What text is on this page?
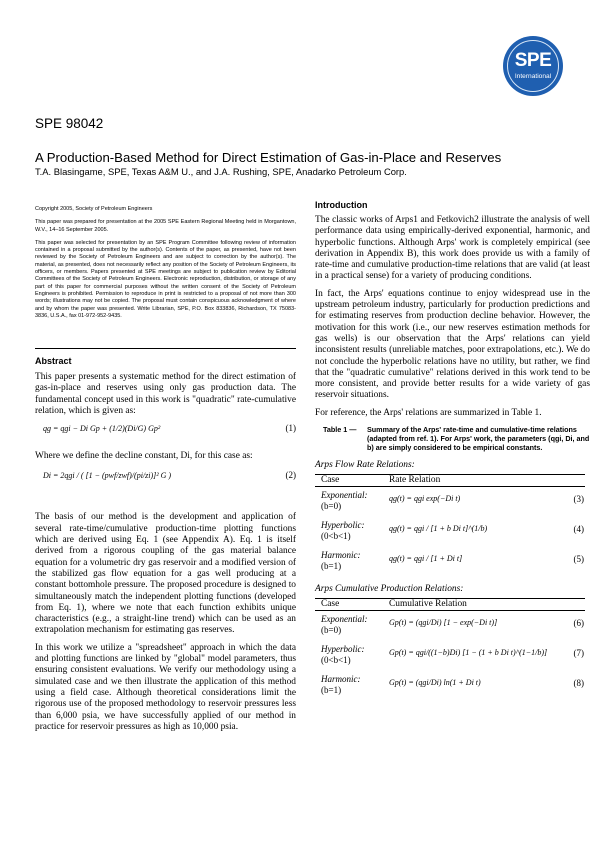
SPE
International
SPE 98042
A Production-Based Method for Direct Estimation of Gas-in-Place and Reserves
T.A. Blasingame, SPE, Texas A&M U., and J.A. Rushing, SPE, Anadarko Petroleum Corp.

Copyright 2005, Society of Petroleum Engineers

This paper was prepared for presentation at the 2005 SPE Eastern Regional Meeting held in Morgantown, W.V., 14–16 September 2005.

This paper was selected for presentation by an SPE Program Committee following review of information contained in a proposal submitted by the author(s). Contents of the paper, as presented, have not been reviewed by the Society of Petroleum Engineers and are subject to correction by the author(s). The material, as presented, does not necessarily reflect any position of the Society of Petroleum Engineers, its officers, or members. Papers presented at SPE meetings are subject to publication review by Editorial Committees of the Society of Petroleum Engineers. Electronic reproduction, distribution, or storage of any part of this paper for commercial purposes without the written consent of the Society of Petroleum Engineers is prohibited. Permission to reproduce in print is restricted to a proposal of not more than 300 words; illustrations may not be copied. The proposal must contain conspicuous acknowledgment of where and by whom the paper was presented. Write Librarian, SPE, P.O. Box 833836, Richardson, TX 75083-3836, U.S.A., fax 01-972-952-9435.

Abstract

This paper presents a systematic method for the direct estimation of gas-in-place and reserves using only gas production data. The fundamental concept used in this work is "quadratic" rate-cumulative relation, which is given as:

qg = qgi − Di Gp + (1/2)(Di/G) Gp²	(1)

Where we define the decline constant, Di, for this case as:

Di = 2qgi / ( [1 − (pwf/zwf)/(pi/zi)]² G )	(2)

The basis of our method is the development and application of several rate-time/cumulative production-time plotting functions which are derived using Eq. 1 (see Appendix A). Eq. 1 is itself derived from a rigorous coupling of the gas material balance equation for a volumetric dry gas reservoir and a modified version of the stabilized gas flow equation for a gas well producing at a constant bottomhole pressure. The proposed procedure is designed to simultaneously match the independent plotting functions (developed from Eq. 1), where we note that each function exhibits unique characteristics (e.g., a straight-line trend) which can be used as an extrapolation mechanism for estimating gas reserves.

In this work we utilize a "spreadsheet" approach in which the data and plotting functions are linked by "global" model parameters, thus ensuring consistent evaluations. We verify our methodology using a simulated case and we then illustrate the application of this method using a field case. Although theoretical considerations limit the rigorous use of the proposed methodology to reservoir pressures less than 6,000 psia, we have successfully applied of our method in practice for reservoir pressures as high as 10,000 psia.

Introduction

The classic works of Arps1 and Fetkovich2 illustrate the analysis of well performance data using empirically-derived exponential, harmonic, and hyperbolic functions. Although Arps' work is completely empirical (see derivation in Appendix B), this work does provide us with a family of rate-time and cumulative production-time relations that are valid (at least in a practical sense) for a variety of producing conditions.

In fact, the Arps' equations continue to enjoy widespread use in the upstream petroleum industry, particularly for production predictions and for estimating reserves from production decline behavior. However, the motivation for this work (i.e., our new reserves estimation methods for gas wells) is our observation that the Arps' relations can yield inconsistent results (unreliable matches, poor extrapolations, etc.). We do not conclude the hyperbolic relations have no utility, but rather, we find that the "quadratic cumulative" relations derived in this work tend to be more consistent, and provide better results for a wide variety of gas reservoir situations.

For reference, the Arps' relations are summarized in Table 1.

Table 1 —	Summary of the Arps' rate-time and cumulative-time relations (adapted from ref. 1). For Arps' work, the parameters (qgi, Di, and b) are simply considered to be empirical constants.
Arps Flow Rate Relations:
Case	Rate Relation
Exponential:
(b=0)
qg(t) = qgi exp(−Di t)	(3)
Hyperbolic:
(0<b<1)
qg(t) = qgi / [1 + b Di t]^(1/b)	(4)
Harmonic:
(b=1)
qg(t) = qgi / [1 + Di t]	(5)
Arps Cumulative Production Relations:
Case	Cumulative Relation
Exponential:
(b=0)
Gp(t) = (qgi/Di) [1 − exp(−Di t)]	(6)
Hyperbolic:
(0<b<1)
Gp(t) = qgi/((1−b)Di) [1 − (1 + b Di t)^(1−1/b)]	(7)
Harmonic:
(b=1)
Gp(t) = (qgi/Di) ln(1 + Di t)	(8)
